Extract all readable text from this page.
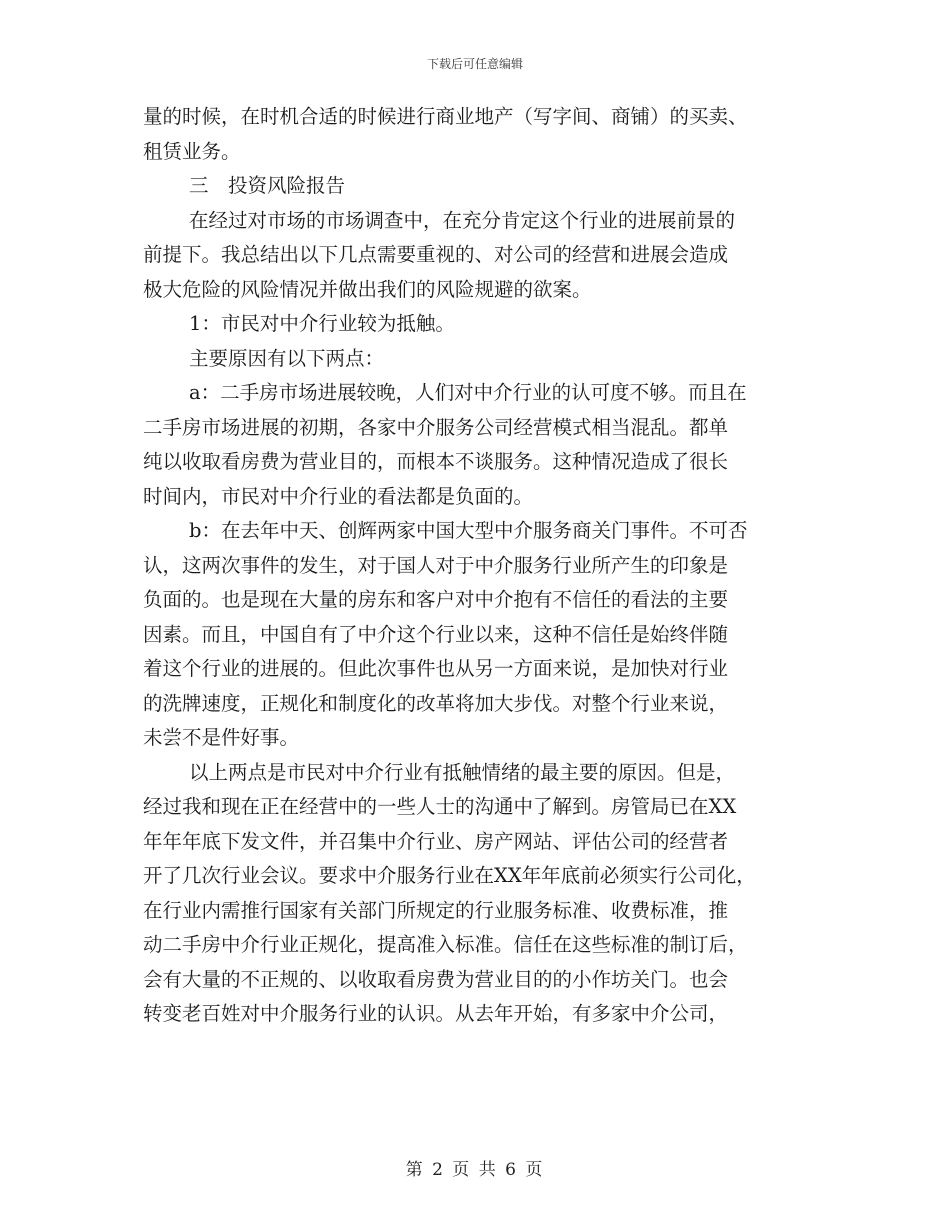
下载后可任意编辑
量的时候，在时机合适的时候进行商业地产（写字间、商铺）的买卖、
租赁业务。
三　投资风险报告
在经过对市场的市场调查中，在充分肯定这个行业的进展前景的
前提下。我总结出以下几点需要重视的、对公司的经营和进展会造成
极大危险的风险情况并做出我们的风险规避的欲案。
1：市民对中介行业较为抵触。
主要原因有以下两点：
a：二手房市场进展较晚，人们对中介行业的认可度不够。而且在
二手房市场进展的初期，各家中介服务公司经营模式相当混乱。都单
纯以收取看房费为营业目的，而根本不谈服务。这种情况造成了很长
时间内，市民对中介行业的看法都是负面的。
b：在去年中天、创辉两家中国大型中介服务商关门事件。不可否
认，这两次事件的发生，对于国人对于中介服务行业所产生的印象是
负面的。也是现在大量的房东和客户对中介抱有不信任的看法的主要
因素。而且，中国自有了中介这个行业以来，这种不信任是始终伴随
着这个行业的进展的。但此次事件也从另一方面来说，是加快对行业
的洗牌速度，正规化和制度化的改革将加大步伐。对整个行业来说，
未尝不是件好事。
以上两点是市民对中介行业有抵触情绪的最主要的原因。但是，
经过我和现在正在经营中的一些人士的沟通中了解到。房管局已在XX
年年年底下发文件，并召集中介行业、房产网站、评估公司的经营者
开了几次行业会议。要求中介服务行业在XX年年底前必须实行公司化，
在行业内需推行国家有关部门所规定的行业服务标准、收费标准，推
动二手房中介行业正规化，提高准入标准。信任在这些标准的制订后，
会有大量的不正规的、以收取看房费为营业目的的小作坊关门。也会
转变老百姓对中介服务行业的认识。从去年开始，有多家中介公司，
第 2 页 共 6 页
